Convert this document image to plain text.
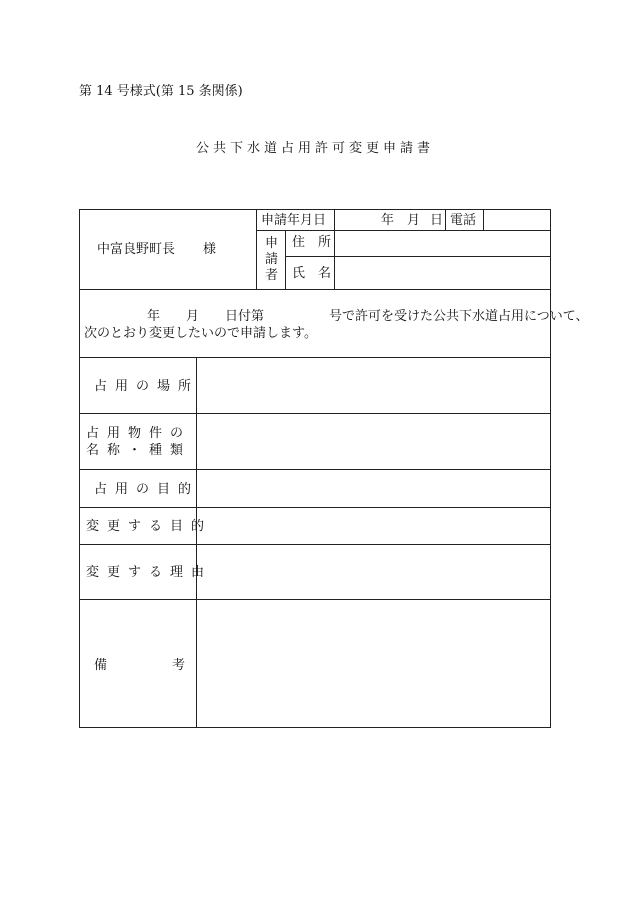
第 14 号様式(第 15 条関係)
公共下水道占用許可変更申請書
中富良野町長 様
申請年月日	年 月 日 電話
申
請
者
住　所
氏　名
年　　月　　日付第　　　　　号で許可を受けた公共下水道占用について、
次のとおり変更したいので申請します。
占用の場所
占用物件の
名称・種類
占用の目的
変更する目的
変更する理由
備	考
